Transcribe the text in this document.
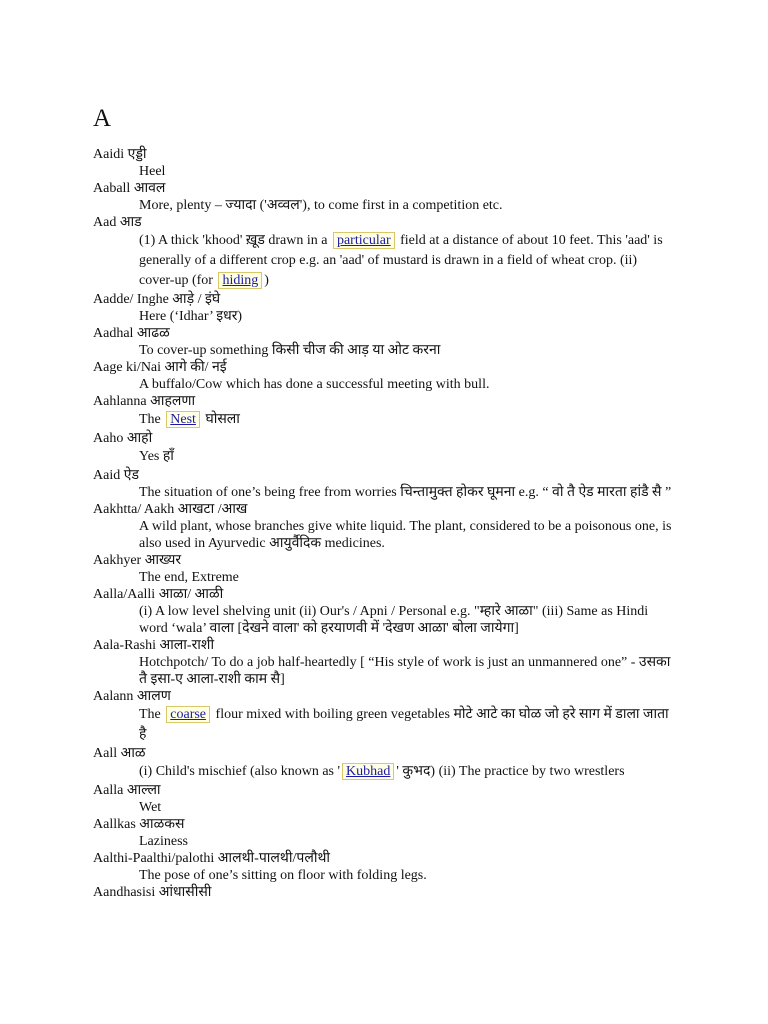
A
Aaidi एड्डी
Heel
Aaball आवल
More, plenty – ज्यादा ('अव्वल'), to come first in a competition etc.
Aad आड
(1) A thick 'khood' ख़ूड drawn in a particular field at a distance of about 10 feet. This 'aad' is generally of a different crop e.g. an 'aad' of mustard is drawn in a field of wheat crop. (ii) cover-up (for hiding )
Aadde/ Inghe आड़े / इंघे
Here (‘Idhar’ इधर)
Aadhal आढळ
To cover-up something किसी चीज की आड़ या ओट करना
Aage ki/Nai आगे की/ नई
A buffalo/Cow which has done a successful meeting with bull.
Aahlanna आहलणा
The Nest घोसला
Aaho आहो
Yes हाँ
Aaid ऐड
The situation of one’s being free from worries चिन्तामुक्त होकर घूमना e.g. “ वो तै ऐड मारता हांडै सै ”
Aakhtta/ Aakh आखटा /आख
A wild plant, whose branches give white liquid. The plant, considered to be a poisonous one, is also used in Ayurvedic आयुर्वैदिक medicines.
Aakhyer आख्यर
The end, Extreme
Aalla/Aalli आळा/ आळी
(i) A low level shelving unit (ii) Our's / Apni / Personal e.g. "म्हारे आळा" (iii) Same as Hindi word ‘wala’ वाला [देखने वाला' को हरयाणवी में 'देखण आळा' बोला जायेगा]
Aala-Rashi आला-राशी
Hotchpotch/ To do a job half-heartedly [ “His style of work is just an unmannered one” - उसका तै इसा-ए आला-राशी काम सै]
Aalann आलण
The coarse flour mixed with boiling green vegetables मोटे आटे का घोळ जो हरे साग में डाला जाता है
Aall आळ
(i) Child's mischief (also known as ' Kubhad ' कुभद) (ii) The practice by two wrestlers
Aalla आल्ला
Wet
Aallkas आळकस
Laziness
Aalthi-Paalthi/palothi आलथी-पालथी/पलौथी
The pose of one’s sitting on floor with folding legs.
Aandhasisi आंधासीसी
